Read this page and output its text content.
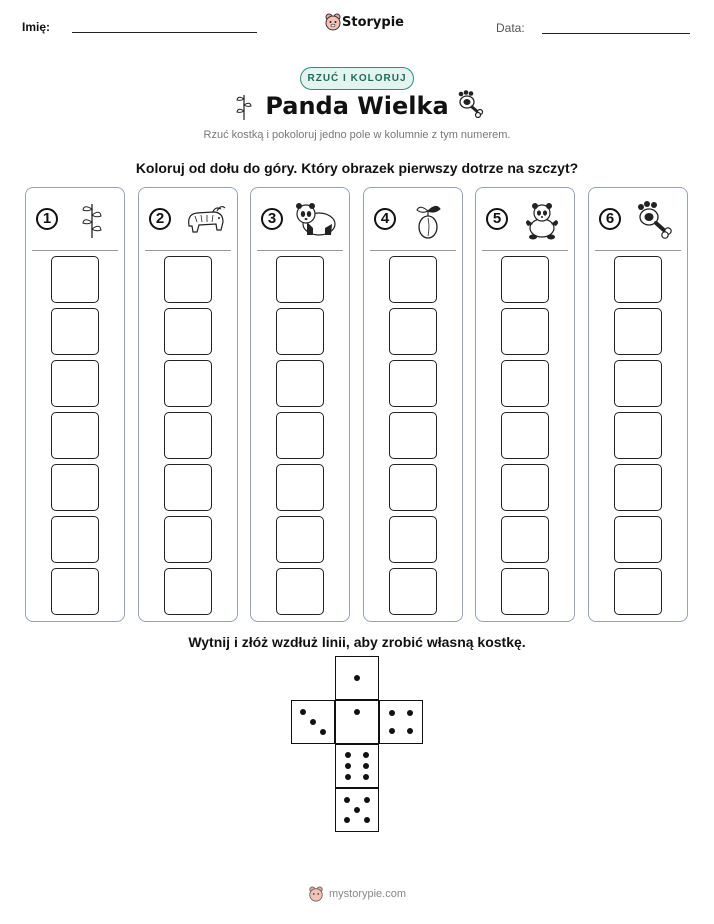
Imię:	Storypie	Data:
RZUĆ I KOLORUJ
Panda Wielka
Rzuć kostką i pokoloruj jedno pole w kolumnie z tym numerem.
Koloruj od dołu do góry. Który obrazek pierwszy dotrze na szczyt?
1	2	3	4	5	6
Wytnij i złóż wzdłuż linii, aby zrobić własną kostkę.
mystorypie.com
